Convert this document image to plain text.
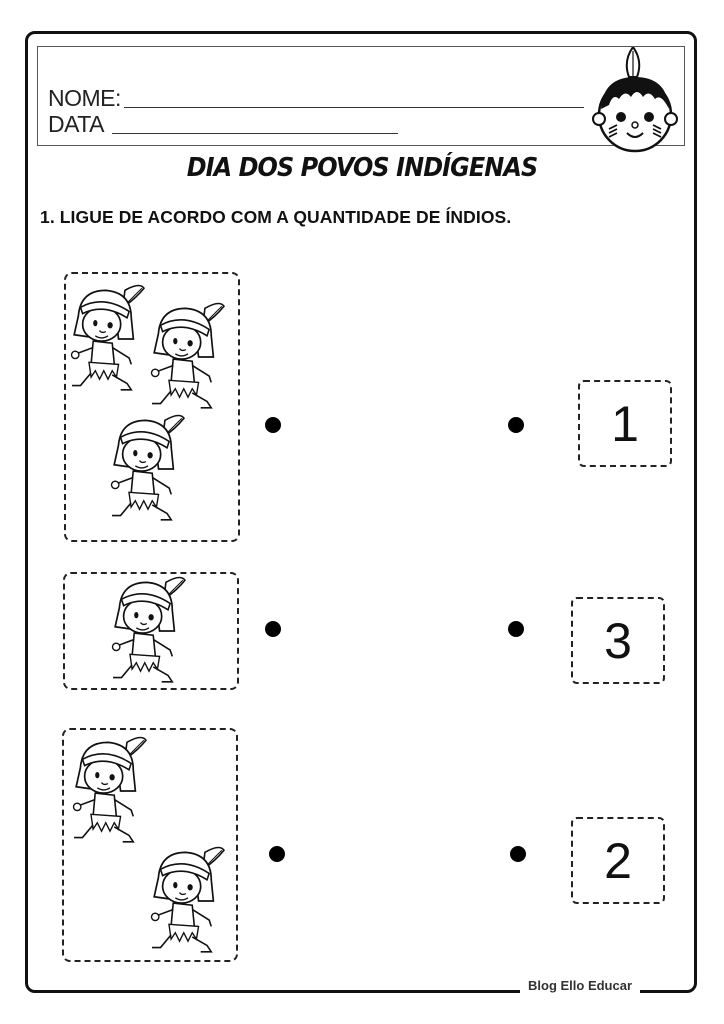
NOME:
DATA
DIA DOS POVOS INDÍGENAS
1. LIGUE DE ACORDO COM A QUANTIDADE DE ÍNDIOS.
1
3
2
Blog Ello Educar
